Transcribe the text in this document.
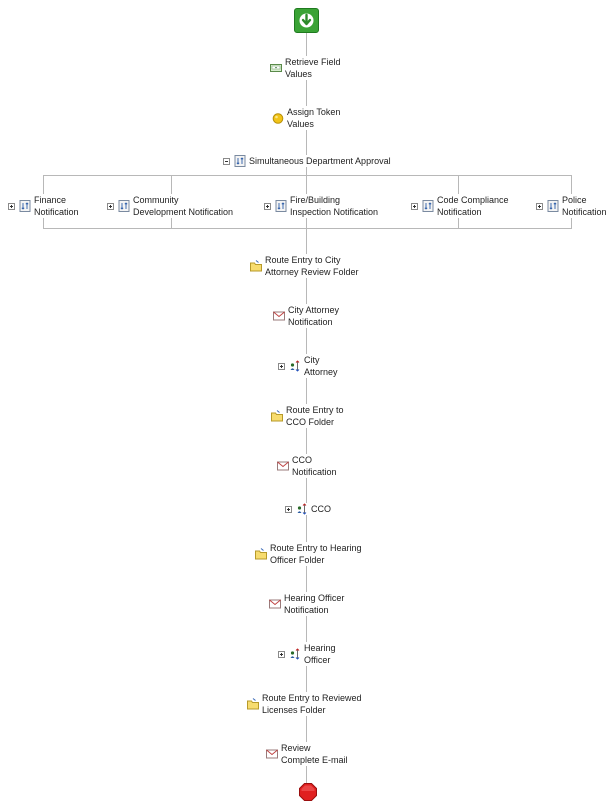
Retrieve Field
Values
Assign Token
Values
Simultaneous Department Approval
Finance
Notification
Community
Development Notification
Fire/Building
Inspection Notification
Code Compliance
Notification
Police
Notification
Route Entry to City
Attorney Review Folder
City Attorney
Notification
City
Attorney
Route Entry to
CCO Folder
CCO
Notification
CCO
Route Entry to Hearing
Officer Folder
Hearing Officer
Notification
Hearing
Officer
Route Entry to Reviewed
Licenses Folder
Review
Complete E-mail
